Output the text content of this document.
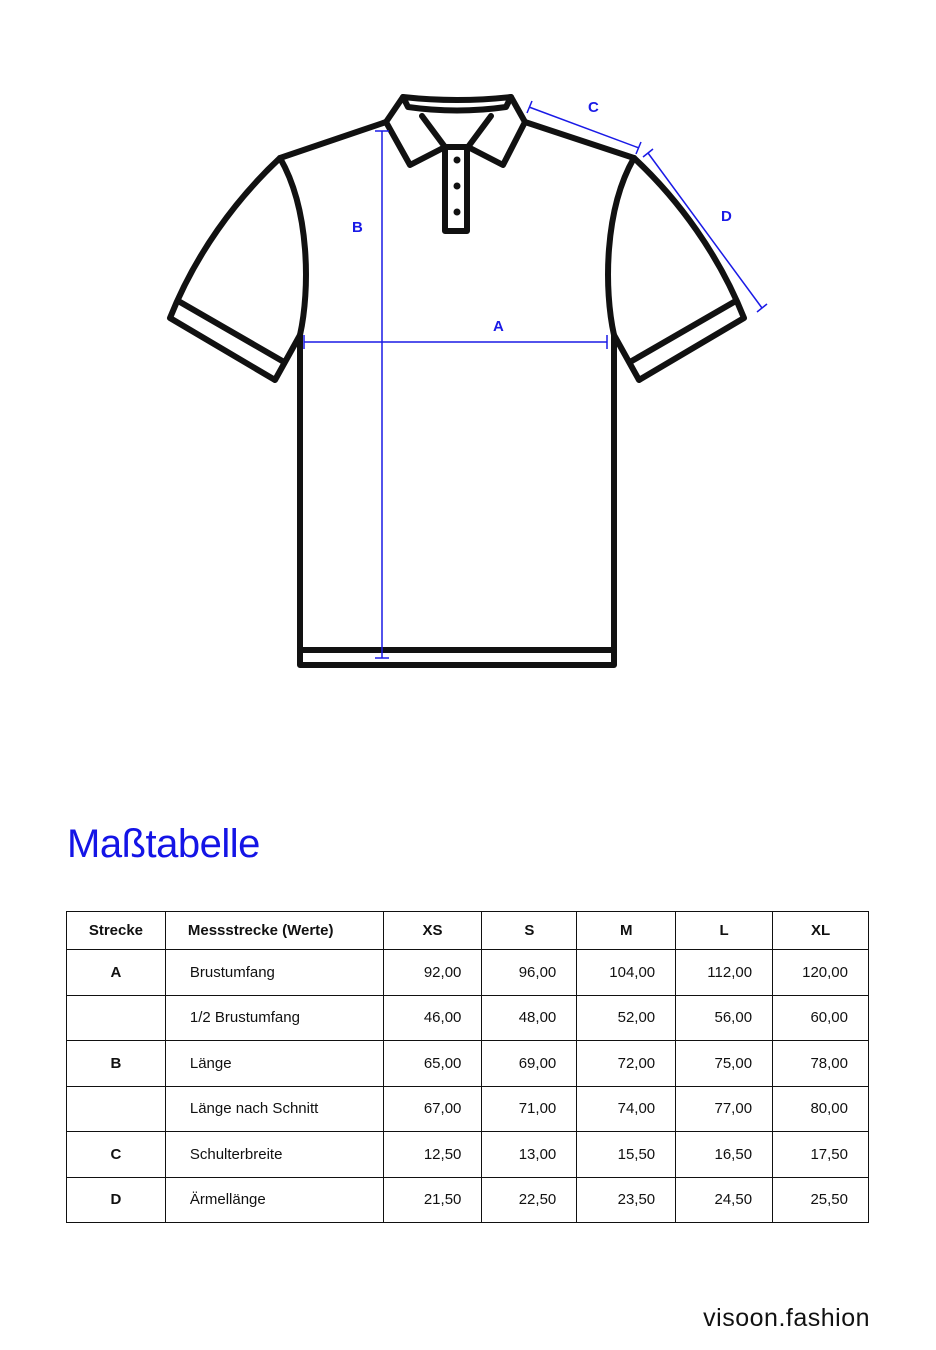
A
B
C
D
Maßtabelle
Strecke	Messstrecke (Werte)	XS	S	M	L	XL
A	Brustumfang	92,00	96,00	104,00	112,00	120,00
	1/2 Brustumfang	46,00	48,00	52,00	56,00	60,00
B	Länge	65,00	69,00	72,00	75,00	78,00
	Länge nach Schnitt	67,00	71,00	74,00	77,00	80,00
C	Schulterbreite	12,50	13,00	15,50	16,50	17,50
D	Ärmellänge	21,50	22,50	23,50	24,50	25,50
visoon.fashion
